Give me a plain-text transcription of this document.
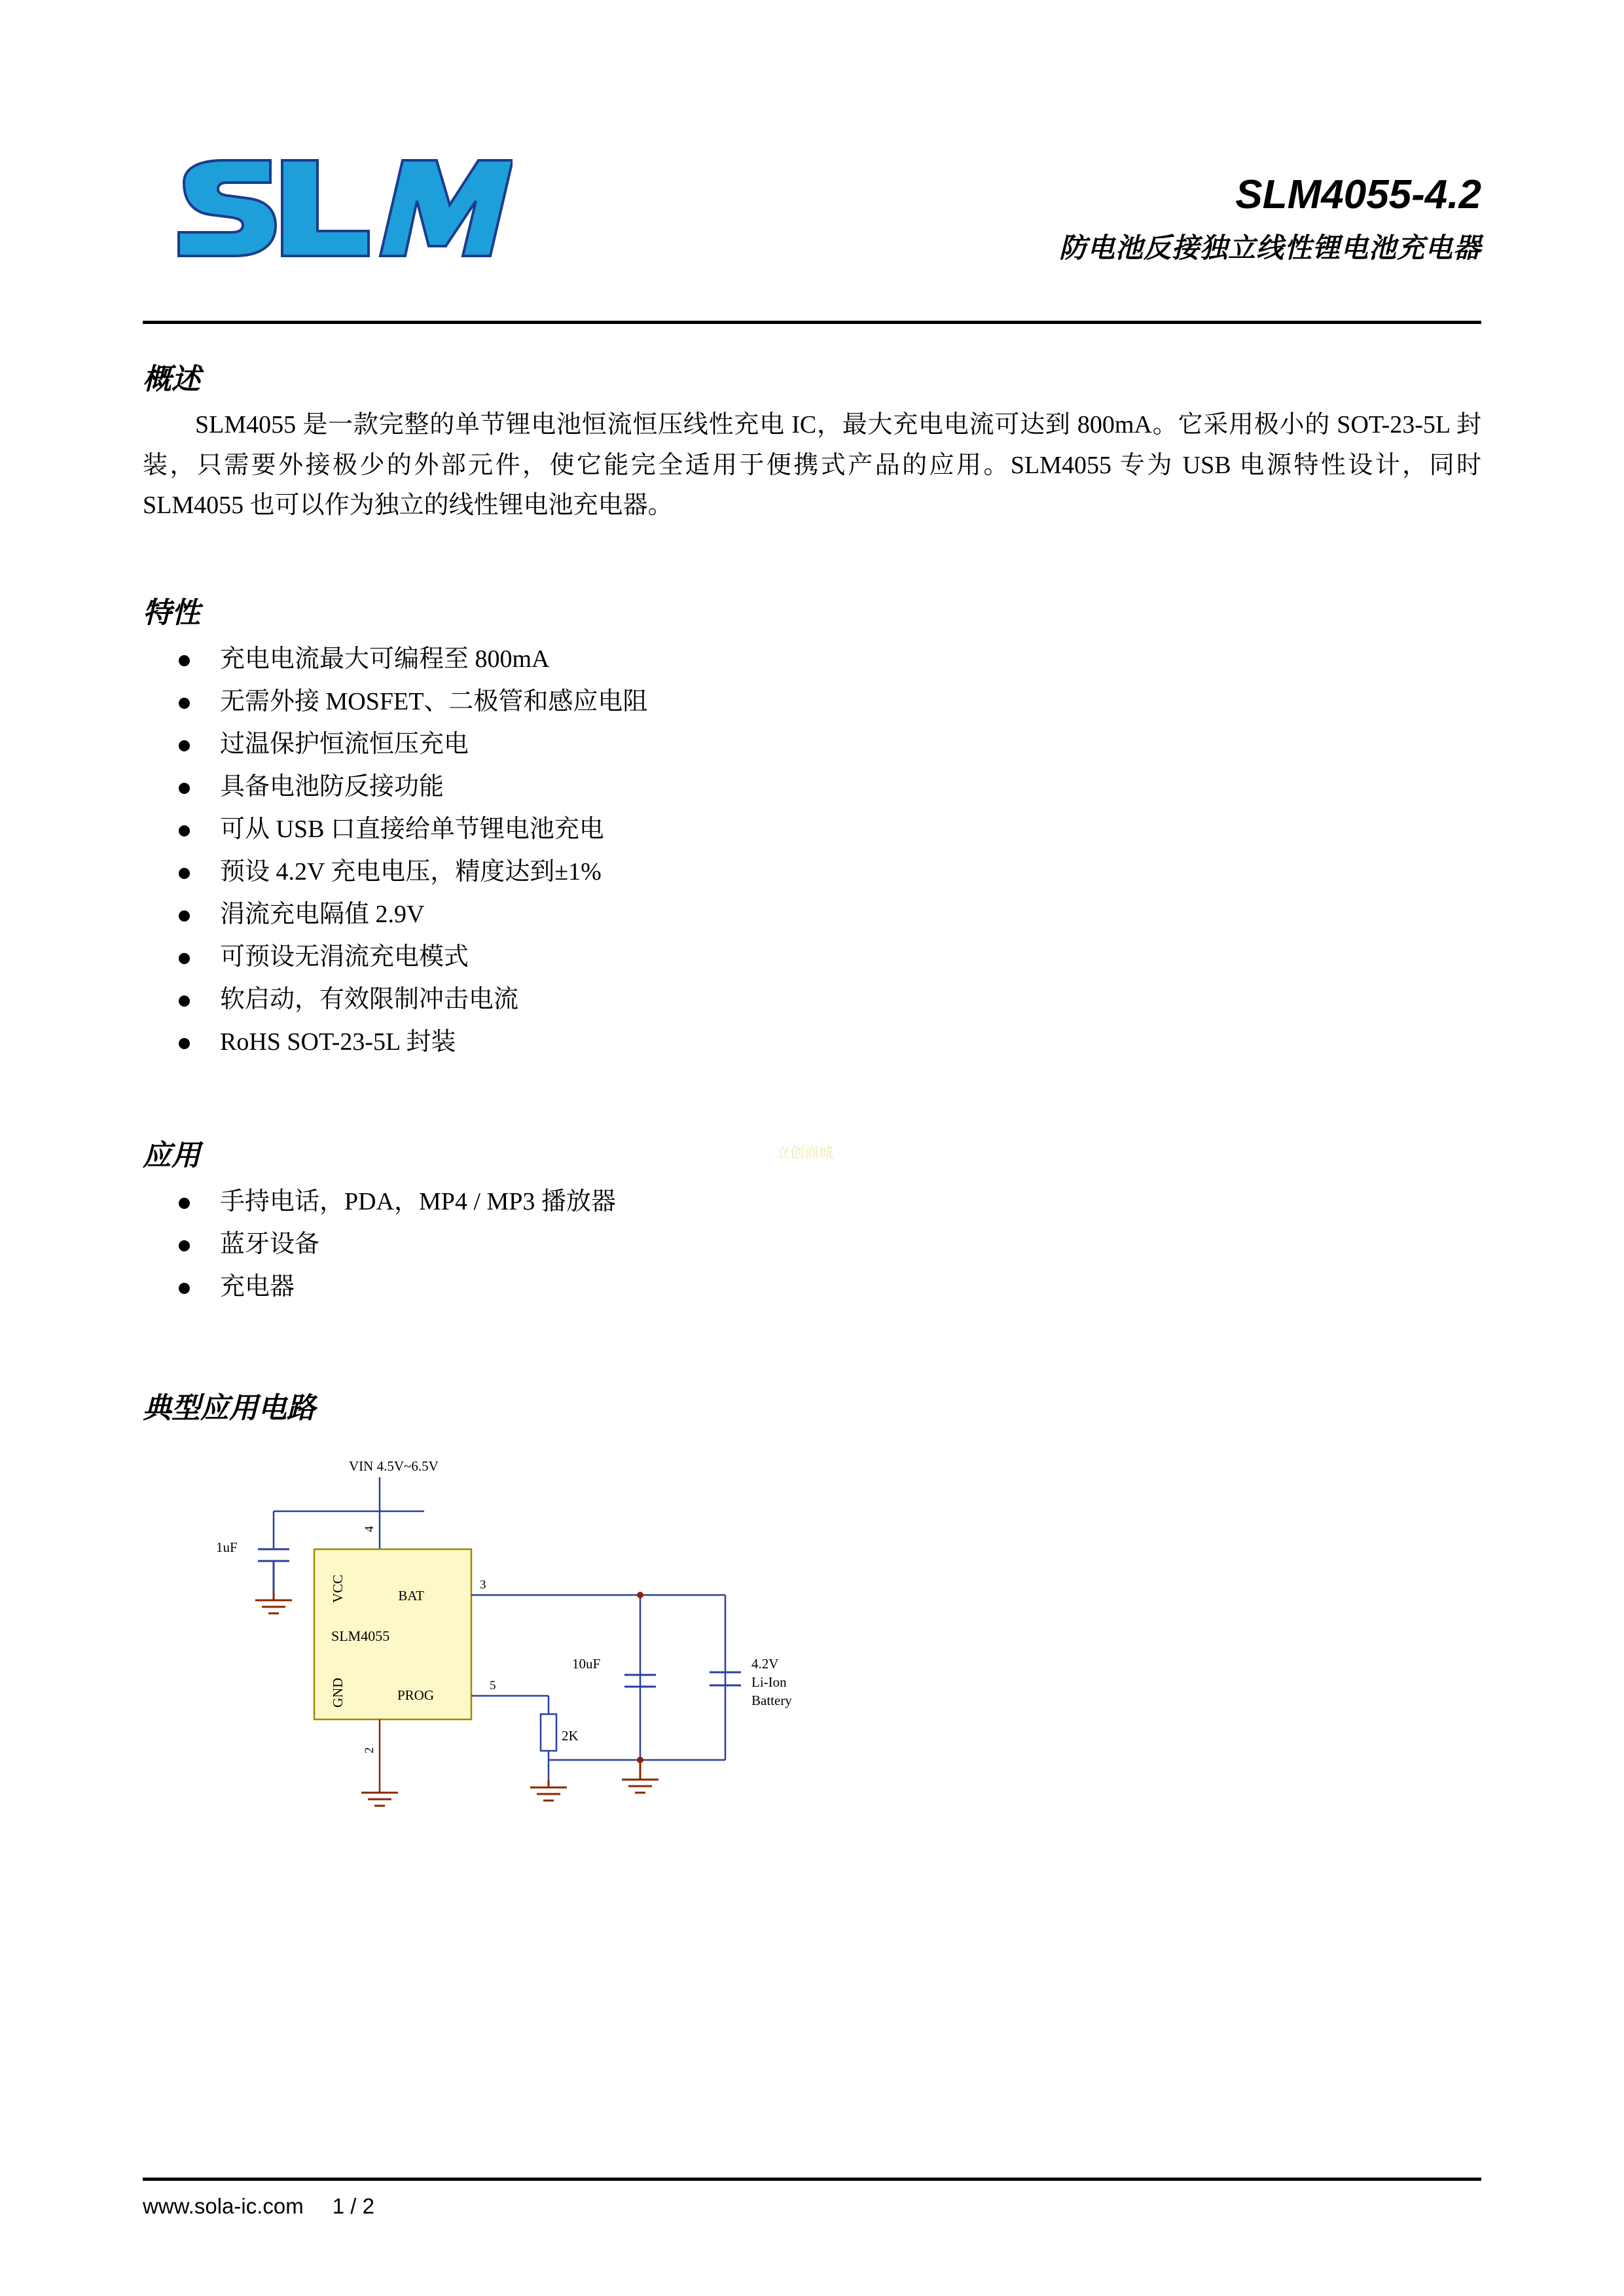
SLM4055-4.2
防电池反接独立线性锂电池充电器
概述
SLM4055 是一款完整的单节锂电池恒流恒压线性充电 IC，最大充电电流可达到 800mA。它采用极小的 SOT-23-5L 封装，只需要外接极少的外部元件，使它能完全适用于便携式产品的应用。SLM4055 专为 USB 电源特性设计，同时 SLM4055 也可以作为独立的线性锂电池充电器。
特性
充电电流最大可编程至 800mA
无需外接 MOSFET、二极管和感应电阻
过温保护恒流恒压充电
具备电池防反接功能
可从 USB 口直接给单节锂电池充电
预设 4.2V 充电电压，精度达到±1%
涓流充电隔值 2.9V
可预设无涓流充电模式
软启动，有效限制冲击电流
RoHS SOT-23-5L 封装
立创商城
应用
手持电话，PDA，MP4 / MP3 播放器
蓝牙设备
充电器
典型应用电路
VIN 4.5V~6.5V
4
1uF
SLM4055
VCC
GND
BAT
PROG
3
10uF	4.2V
Li-Ion
Battery
5
2K
2
www.sola-ic.com 1 / 2
